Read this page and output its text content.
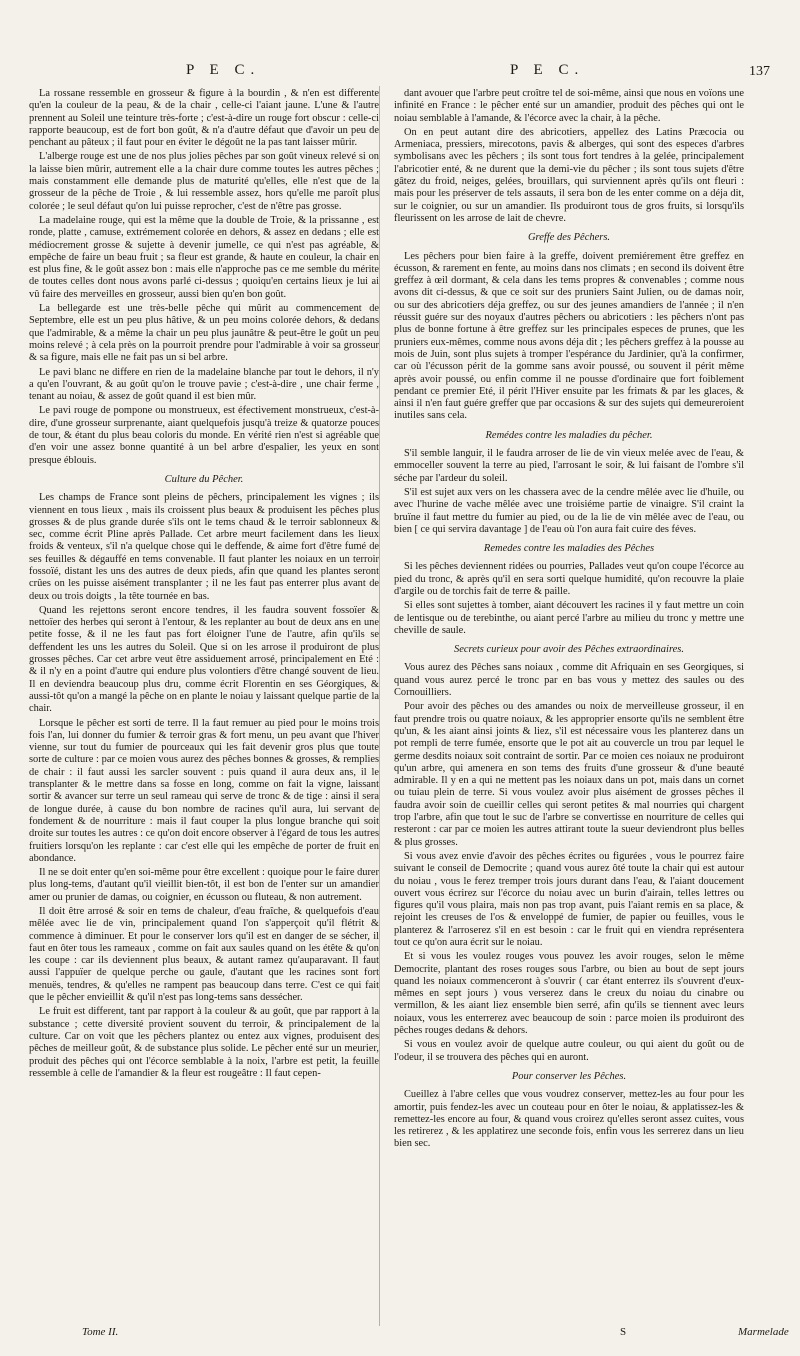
P E C.	P E C.	137

La rossane ressemble en grosseur & figure à la bourdin , & n'en est differente qu'en la couleur de la peau, & de la chair , celle-ci l'aiant jaune. L'une & l'autre prennent au Soleil une teinture très-forte ; c'est-à-dire un rouge fort obscur : celle-ci rapporte beaucoup, est de fort bon goût, & n'a d'autre défaut que d'avoir un peu de penchant au pâteux ; il faut pour en éviter le dégoût ne la pas tant laisser mûrir.

L'alberge rouge est une de nos plus jolies pêches par son goût vineux relevé si on la laisse bien mûrir, autrement elle a la chair dure comme toutes les autres pêches ; mais constamment elle demande plus de maturité qu'elles, elle n'est que de la grosseur de la pêche de Troie , & lui ressemble assez, hors qu'elle me paroît plus colorée ; le seul défaut qu'on lui puisse reprocher, c'est de n'être pas grosse.

La madelaine rouge, qui est la même que la double de Troie, & la prissanne , est ronde, platte , camuse, extrémement colorée en dehors, & assez en dedans ; elle est médiocrement grosse & sujette à devenir jumelle, ce qui n'est pas agréable, & empêche de faire un beau fruit ; sa fleur est grande, & haute en couleur, la chair en est plus fine, & le goût assez bon : mais elle n'approche pas ce me semble du mérite de toutes celles dont nous avons parlé ci-dessus ; quoiqu'en certains lieux je lui ai vû faire des merveilles en grosseur, aussi bien qu'en bon goût.

La bellegarde est une très-belle pêche qui mûrit au commencement de Septembre, elle est un peu plus hâtive, & un peu moins colorée dehors, & dedans que l'admirable, & a même la chair un peu plus jaunâtre & peut-être le goût un peu moins relevé ; à cela près on la pourroit prendre pour l'admirable à voir sa grosseur & sa figure, mais elle ne fait pas un si bel arbre.

Le pavi blanc ne differe en rien de la madelaine blanche par tout le dehors, il n'y a qu'en l'ouvrant, & au goût qu'on le trouve pavie ; c'est-à-dire , une chair ferme , tenant au noiau, & assez de goût quand il est bien mûr.

Le pavi rouge de pompone ou monstrueux, est éfectivement monstrueux, c'est-à-dire, d'une grosseur surprenante, aiant quelquefois jusqu'à treize & quatorze pouces de tour, & étant du plus beau coloris du monde. En vérité rien n'est si agréable que d'en voir une assez bonne quantité à un bel arbre d'espalier, les yeux en sont presque éblouis.

Culture du Pêcher.

Les champs de France sont pleins de pêchers, principalement les vignes ; ils viennent en tous lieux , mais ils croissent plus beaux & produisent les pêches plus grosses & de plus grande durée s'ils ont le tems chaud & le terroir sablonneux & sec, comme écrit Pline après Pallade. Cet arbre meurt facilement dans les lieux froids & venteux, s'il n'a quelque chose qui le deffende, & aime fort d'être fumé de ses feuilles & dégauffé en tems convenable. Il faut planter les noiaux en un terroir fossoïé, distant les uns des autres de deux pieds, afin que quand les plantes seront crûes on les puisse aisément transplanter ; il ne les faut pas enterrer plus avant de deux ou trois doigts , la tête tournée en bas.

Quand les rejettons seront encore tendres, il les faudra souvent fossoïer & nettoïer des herbes qui seront à l'entour, & les replanter au bout de deux ans en une petite fosse, & il ne les faut pas fort éloigner l'une de l'autre, afin qu'ils se deffendent les uns les autres du Soleil. Que si on les arrose il produiront de plus grosses pêches. Car cet arbre veut être assiduement arrosé, principalement en Eté : & il n'y en a point d'autre qui endure plus volontiers d'être changé souvent de lieu. Il en deviendra beaucoup plus dru, comme écrit Florentin en ses Géorgiques, & aussi-tôt qu'on a mangé la pêche on en plante le noiau y laissant quelque partie de la chair.

Lorsque le pêcher est sorti de terre. Il la faut remuer au pied pour le moins trois fois l'an, lui donner du fumier & terroir gras & fort menu, un peu avant que l'hiver vienne, sur tout du fumier de pourceaux qui les fait devenir gros plus que toute sorte de culture : par ce moien vous aurez des pêches bonnes & grosses, & remplies de chair : il faut aussi les sarcler souvent : puis quand il aura deux ans, il le transplanter & le mettre dans sa fosse en long, comme on fait la vigne, laissant sortir & avancer sur terre un seul rameau qui serve de tronc & de tige : ainsi il sera de longue durée, à cause du bon nombre de racines qu'il aura, lui servant de fondement & de nourriture : mais il faut couper la plus longue branche qui soit droite sur toutes les autres : ce qu'on doit encore observer à l'égard de tous les autres fruitiers lorsqu'on les replante : car c'est elle qui les empêche de porter de fruit en abondance.

Il ne se doit enter qu'en soi-même pour être excellent : quoique pour le faire durer plus long-tems, d'autant qu'il vieillit bien-tôt, il est bon de l'enter sur un amandier amer ou prunier de damas, ou coignier, en écusson ou fluteau, & non autrement.

Il doit être arrosé & soir en tems de chaleur, d'eau fraîche, & quelquefois d'eau mêlée avec lie de vin, principalement quand l'on s'apperçoit qu'il flétrit & commence à diminuer. Et pour le conserver lors qu'il est en danger de se sécher, il faut en ôter tous les rameaux , comme on fait aux saules quand on les étête & qu'on les coupe : car ils deviennent plus beaux, & autant ramez qu'auparavant. Il faut aussi l'appuïer de quelque perche ou gaule, d'autant que les racines sont fort menuës, tendres, & qu'elles ne rampent pas beaucoup dans terre. C'est ce qui fait que le pêcher envieillit & qu'il n'est pas long-tems sans dessécher.

Le fruit est different, tant par rapport à la couleur & au goût, que par rapport à la substance ; cette diversité provient souvent du terroir, & principalement de la culture. Car on voit que les pêchers plantez ou entez aux vignes, produisent des pêches de meilleur goût, & de substance plus solide. Le pêcher enté sur un meurier, produit des pêches qui ont l'écorce semblable à la noix, l'arbre est petit, la feuille ressemble à celle de l'amandier & la fleur est rougeâtre : Il faut cepen-

dant avouer que l'arbre peut croître tel de soi-même, ainsi que nous en voïons une infinité en France : le pêcher enté sur un amandier, produit des pêches qui ont le noiau semblable à l'amande, & l'écorce avec la chair, à la pêche.

On en peut autant dire des abricotiers, appellez des Latins Præcocia ou Armeniaca, pressiers, mirecotons, pavis & alberges, qui sont des especes d'arbres symbolisans avec les pêchers ; ils sont tous fort tendres à la gelée, principalement l'abricotier enté, & ne durent que la demi-vie du pêcher ; ils sont tous sujets d'être gâtez du froid, neiges, gelées, brouillars, qui surviennent après qu'ils ont fleuri : mais pour les préserver de tels assauts, il sera bon de les enter comme on a déja dit, sur le coignier, ou sur un amandier. Ils produiront tous de gros fruits, si lorsqu'ils fleurissent on les arrose de lait de chevre.

Greffe des Pêchers.

Les pêchers pour bien faire à la greffe, doivent premiérement être greffez en écusson, & rarement en fente, au moins dans nos climats ; en second ils doivent être greffez à œil dormant, & cela dans les tems propres & convenables ; comme nous avons dit ci-dessus, & que ce soit sur des pruniers Saint Julien, ou de damas noir, ou sur des abricotiers déja greffez, ou sur des jeunes amandiers de l'année ; il n'en réussit guére sur des noyaux d'autres pêchers ou abricotiers : les pêchers n'ont pas plus de bonne fortune à être greffez sur les principales especes de prunes, que les pruniers eux-mêmes, comme nous avons déja dit ; les pêchers greffez à la pousse au mois de Juin, sont plus sujets à tromper l'espérance du Jardinier, qu'à la confirmer, car où l'écusson périt de la gomme sans avoir poussé, ou souvent il périt même après avoir poussé, ou enfin comme il ne pousse d'ordinaire que fort foiblement pendant ce premier Eté, il périt l'Hiver ensuite par les frimats & par les glaces, & ainsi il n'en faut guére greffer que par occasions & sur des sujets qui demeureroient inutiles sans cela.

Remédes contre les maladies du pêcher.

S'il semble languir, il le faudra arroser de lie de vin vieux melée avec de l'eau, & emmoceller souvent la terre au pied, l'arrosant le soir, & lui faisant de l'ombre s'il séche par l'ardeur du soleil.

S'il est sujet aux vers on les chassera avec de la cendre mêlée avec lie d'huile, ou avec l'hurine de vache mêlée avec une troisiéme partie de vinaigre. S'il craint la bruïne il faut mettre du fumier au pied, ou de la lie de vin mêlée avec de l'eau, ou bien [ ce qui servira davantage ] de l'eau où l'on aura fait cuire des féves.

Remedes contre les maladies des Pêches

Si les pêches deviennent ridées ou pourries, Pallades veut qu'on coupe l'écorce au pied du tronc, & après qu'il en sera sorti quelque humidité, qu'on recouvre la plaie d'argile ou de torchis fait de terre & paille.

Si elles sont sujettes à tomber, aiant découvert les racines il y faut mettre un coin de lentisque ou de terebinthe, ou aiant percé l'arbre au milieu du tronc y mettre une cheville de saule.

Secrets curieux pour avoir des Pêches extraordinaires.

Vous aurez des Pêches sans noiaux , comme dit Afriquain en ses Georgiques, si quand vous aurez percé le tronc par en bas vous y mettez des saules ou des Cornouilliers.

Pour avoir des pêches ou des amandes ou noix de merveilleuse grosseur, il en faut prendre trois ou quatre noiaux, & les approprier ensorte qu'ils ne semblent être qu'un, & les aiant ainsi joints & liez, s'il est nécessaire vous les planterez dans un pot rempli de terre fumée, ensorte que le pot ait au couvercle un trou par lequel le germe desdits noiaux soit contraint de sortir. Par ce moien ces noiaux ne produiront qu'un arbre, qui amenera en son tems des fruits d'une grosseur & d'une beauté admirable. Il y en a qui ne mettent pas les noiaux dans un pot, mais dans un cornet ou tuiau plein de terre. Si vous voulez avoir plus aisément de grosses pêches il faudra avoir soin de cueillir celles qui seront petites & mal nourries qui chargent trop l'arbre, afin que tout le suc de l'arbre se convertisse en nourriture de celles qui resteront : car par ce moien les autres attirant toute la sueur deviendront plus belles & plus grosses.

Si vous avez envie d'avoir des pêches écrites ou figurées , vous le pourrez faire suivant le conseil de Democrite ; quand vous aurez ôté toute la chair qui est autour du noiau , vous le ferez tremper trois jours durant dans l'eau, & l'aiant doucement ouvert vous écrirez sur l'écorce du noiau avec un burin d'airain, telles lettres ou figures qu'il vous plaira, mais non pas trop avant, puis l'aiant remis en sa place, & rejoint les creuses de l'os & enveloppé de fumier, de papier ou feuilles, vous le planterez & l'arroserez s'il en est besoin : car le fruit qui en viendra représentera tout ce qu'on aura écrit sur le noiau.

Et si vous les voulez rouges vous pouvez les avoir rouges, selon le même Democrite, plantant des roses rouges sous l'arbre, ou bien au bout de sept jours quand les noiaux commenceront à s'ouvrir ( car étant enterrez ils s'ouvrent d'eux-mêmes en sept jours ) vous verserez dans le creux du noiau du cinabre ou vermillon, & les aiant liez ensemble bien serré, afin qu'ils se tiennent avec leurs noiaux, vous les enterrerez avec beaucoup de soin : parce moien ils produiront des pêches rouges dedans & dehors.

Si vous en voulez avoir de quelque autre couleur, ou qui aient du goût ou de l'odeur, il se trouvera des pêches qui en auront.

Pour conserver les Pêches.

Cueillez à l'abre celles que vous voudrez conserver, mettez-les au four pour les amortir, puis fendez-les avec un couteau pour en ôter le noiau, & applatissez-les & remettez-les encore au four, & quand vous croirez qu'elles seront assez cuites, vous les retirerez , & les applatirez une seconde fois, enfin vous les serrerez dans un lieu bien sec.

Tome II.	S	Marmelade
